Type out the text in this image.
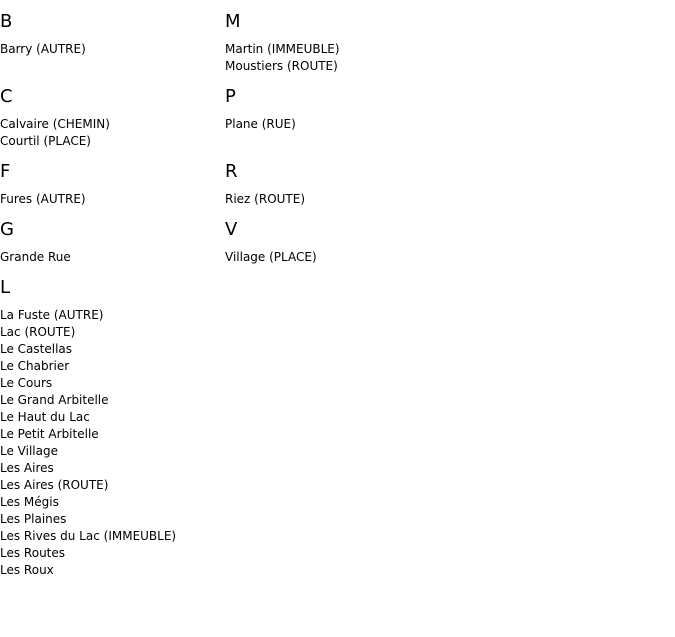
B
Barry (AUTRE)
C
Calvaire (CHEMIN)
Courtil (PLACE)
F
Fures (AUTRE)
G
Grande Rue
L
La Fuste (AUTRE)
Lac (ROUTE)
Le Castellas
Le Chabrier
Le Cours
Le Grand Arbitelle
Le Haut du Lac
Le Petit Arbitelle
Le Village
Les Aires
Les Aires (ROUTE)
Les Mégis
Les Plaines
Les Rives du Lac (IMMEUBLE)
Les Routes
Les Roux
M
Martin (IMMEUBLE)
Moustiers (ROUTE)
P
Plane (RUE)
R
Riez (ROUTE)
V
Village (PLACE)
